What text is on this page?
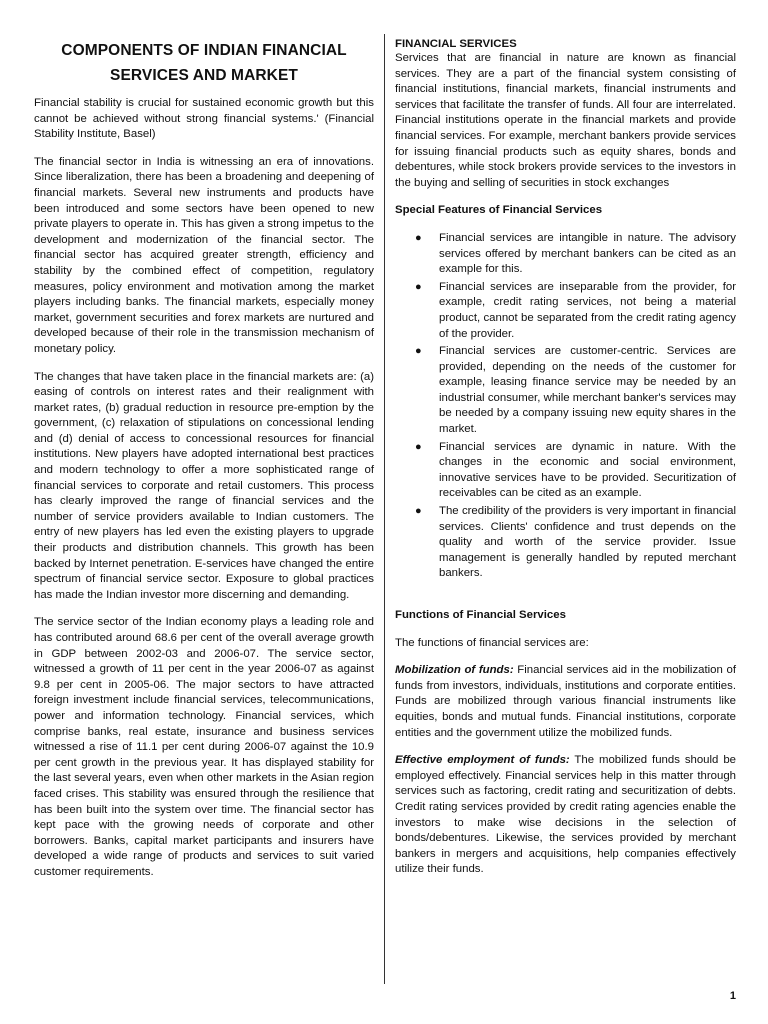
COMPONENTS OF INDIAN FINANCIAL SERVICES AND MARKET

Financial stability is crucial for sustained economic growth but this cannot be achieved without strong financial systems.' (Financial Stability Institute, Basel)

The financial sector in India is witnessing an era of innovations. Since liberalization, there has been a broadening and deepening of financial markets. Several new instruments and products have been introduced and some sectors have been opened to new private players to operate in. This has given a strong impetus to the development and modernization of the financial sector. The financial sector has acquired greater strength, efficiency and stability by the combined effect of competition, regulatory measures, policy environment and motivation among the market players including banks. The financial markets, especially money market, government securities and forex markets are nurtured and developed because of their role in the transmission mechanism of monetary policy.

The changes that have taken place in the financial markets are: (a) easing of controls on interest rates and their realignment with market rates, (b) gradual reduction in resource pre-emption by the government, (c) relaxation of stipulations on concessional lending and (d) denial of access to concessional resources for financial institutions. New players have adopted international best practices and modern technology to offer a more sophisticated range of financial services to corporate and retail customers. This process has clearly improved the range of financial services and the number of service providers available to Indian customers. The entry of new players has led even the existing players to upgrade their products and distribution channels. This growth has been backed by Internet penetration. E-services have changed the entire spectrum of financial service sector. Exposure to global practices has made the Indian investor more discerning and demanding.

The service sector of the Indian economy plays a leading role and has contributed around 68.6 per cent of the overall average growth in GDP between 2002-03 and 2006-07. The service sector, witnessed a growth of 11 per cent in the year 2006-07 as against 9.8 per cent in 2005-06. The major sectors to have attracted foreign investment include financial services, telecommunications, power and information technology. Financial services, which comprise banks, real estate, insurance and business services witnessed a rise of 11.1 per cent during 2006-07 against the 10.9 per cent growth in the previous year. It has displayed stability for the last several years, even when other markets in the Asian region faced crises. This stability was ensured through the resilience that has been built into the system over time. The financial sector has kept pace with the growing needs of corporate and other borrowers. Banks, capital market participants and insurers have developed a wide range of products and services to suit varied customer requirements.

FINANCIAL SERVICES

Services that are financial in nature are known as financial services. They are a part of the financial system consisting of financial institutions, financial markets, financial instruments and services that facilitate the transfer of funds. All four are interrelated. Financial institutions operate in the financial markets and provide financial services. For example, merchant bankers provide services for issuing financial products such as equity shares, bonds and debentures, while stock brokers provide services to the investors in the buying and selling of securities in stock exchanges

Special Features of Financial Services
● Financial services are intangible in nature. The advisory services offered by merchant bankers can be cited as an example for this.
● Financial services are inseparable from the provider, for example, credit rating services, not being a material product, cannot be separated from the credit rating agency of the provider.
● Financial services are customer-centric. Services are provided, depending on the needs of the customer for example, leasing finance service may be needed by an industrial consumer, while merchant banker's services may be needed by a company issuing new equity shares in the market.
● Financial services are dynamic in nature. With the changes in the economic and social environment, innovative services have to be provided. Securitization of receivables can be cited as an example.
● The credibility of the providers is very important in financial services. Clients' confidence and trust depends on the quality and worth of the service provider. Issue management is generally handled by reputed merchant bankers.
Functions of Financial Services

The functions of financial services are:

Mobilization of funds: Financial services aid in the mobilization of funds from investors, individuals, institutions and corporate entities. Funds are mobilized through various financial instruments like equities, bonds and mutual funds. Financial institutions, corporate entities and the government utilize the mobilized funds.

Effective employment of funds: The mobilized funds should be employed effectively. Financial services help in this matter through services such as factoring, credit rating and securitization of debts. Credit rating services provided by credit rating agencies enable the investors to make wise decisions in the selection of bonds/debentures. Likewise, the services provided by merchant bankers in mergers and acquisitions, help companies effectively utilize their funds.

1
